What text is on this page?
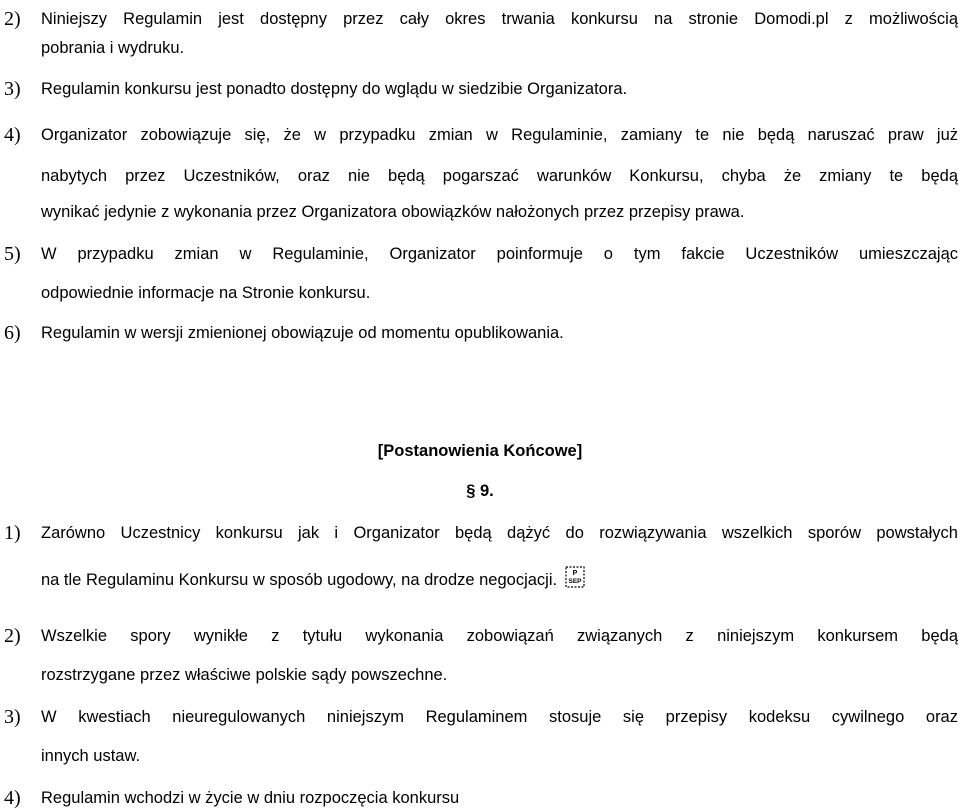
2) Niniejszy Regulamin jest dostępny przez cały okres trwania konkursu na stronie Domodi.pl z możliwością
pobrania i wydruku.
3) Regulamin konkursu jest ponadto dostępny do wglądu w siedzibie Organizatora.
4) Organizator zobowiązuje się, że w przypadku zmian w Regulaminie, zamiany te nie będą naruszać praw już
nabytych przez Uczestników, oraz nie będą pogarszać warunków Konkursu, chyba że zmiany te będą
wynikać jedynie z wykonania przez Organizatora obowiązków nałożonych przez przepisy prawa.
5) W przypadku zmian w Regulaminie, Organizator poinformuje o tym fakcie Uczestników umieszczając
odpowiednie informacje na Stronie konkursu.
6) Regulamin w wersji zmienionej obowiązuje od momentu opublikowania.
[Postanowienia Końcowe]
§ 9.
1) Zarówno Uczestnicy konkursu jak i Organizator będą dążyć do rozwiązywania wszelkich sporów powstałych
na tle Regulaminu Konkursu w sposób ugodowy, na drodze negocjacji. P
SEP
2) Wszelkie spory wynikłe z tytułu wykonania zobowiązań związanych z niniejszym konkursem będą
rozstrzygane przez właściwe polskie sądy powszechne.
3) W kwestiach nieuregulowanych niniejszym Regulaminem stosuje się przepisy kodeksu cywilnego oraz
innych ustaw.
4) Regulamin wchodzi w życie w dniu rozpoczęcia konkursu
